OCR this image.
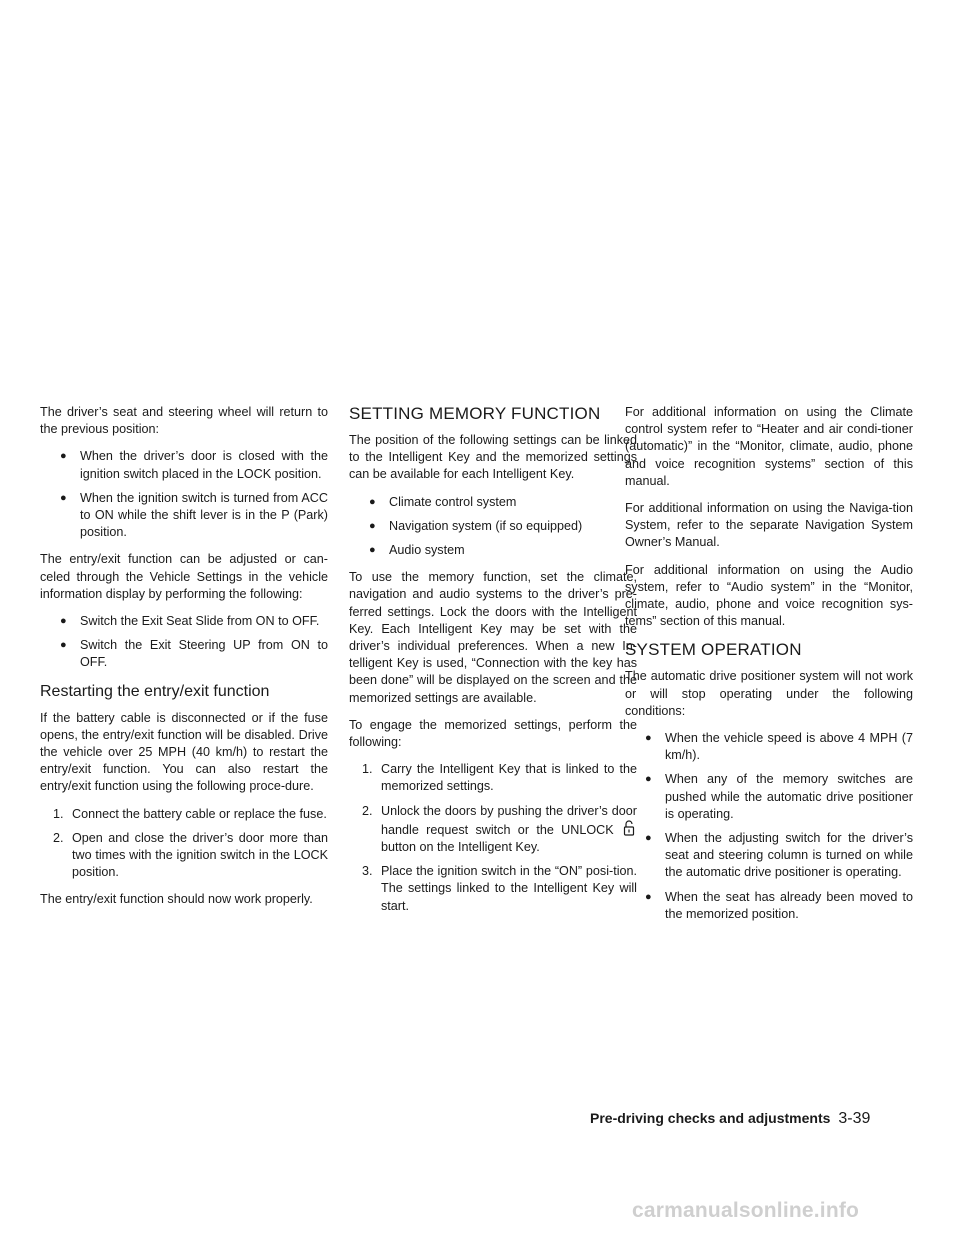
The driver’s seat and steering wheel will return to the previous position:

● When the driver’s door is closed with the ignition switch placed in the LOCK position.
● When the ignition switch is turned from ACC to ON while the shift lever is in the P (Park) position.

The entry/exit function can be adjusted or can-celed through the Vehicle Settings in the vehicle information display by performing the following:

● Switch the Exit Seat Slide from ON to OFF.
● Switch the Exit Steering UP from ON to OFF.
Restarting the entry/exit function

If the battery cable is disconnected or if the fuse opens, the entry/exit function will be disabled. Drive the vehicle over 25 MPH (40 km/h) to restart the entry/exit function. You can also restart the entry/exit function using the following proce-dure.

1. Connect the battery cable or replace the fuse.
2. Open and close the driver’s door more than two times with the ignition switch in the LOCK position.

The entry/exit function should now work properly.

SETTING MEMORY FUNCTION

The position of the following settings can be linked to the Intelligent Key and the memorized settings can be available for each Intelligent Key.

● Climate control system
● Navigation system (if so equipped)
● Audio system

To use the memory function, set the climate, navigation and audio systems to the driver’s pre-ferred settings. Lock the doors with the Intelligent Key. Each Intelligent Key may be set with the driver’s individual preferences. When a new In-telligent Key is used, “Connection with the key has been done” will be displayed on the screen and the memorized settings are available.

To engage the memorized settings, perform the following:

1. Carry the Intelligent Key that is linked to the memorized settings.
2. Unlock the doors by pushing the driver’s door handle request switch or the UNLOCK  button on the Intelligent Key.
3. Place the ignition switch in the “ON” posi-tion. The settings linked to the Intelligent Key will start.

For additional information on using the Climate control system refer to “Heater and air condi-tioner (automatic)” in the “Monitor, climate, audio, phone and voice recognition systems” section of this manual.

For additional information on using the Naviga-tion System, refer to the separate Navigation System Owner’s Manual.

For additional information on using the Audio system, refer to “Audio system” in the “Monitor, climate, audio, phone and voice recognition sys-tems” section of this manual.

SYSTEM OPERATION

The automatic drive positioner system will not work or will stop operating under the following conditions:

● When the vehicle speed is above 4 MPH (7 km/h).
● When any of the memory switches are pushed while the automatic drive positioner is operating.
● When the adjusting switch for the driver’s seat and steering column is turned on while the automatic drive positioner is operating.
● When the seat has already been moved to the memorized position.
Pre-driving checks and adjustments 3-39
carmanualsonline.info
